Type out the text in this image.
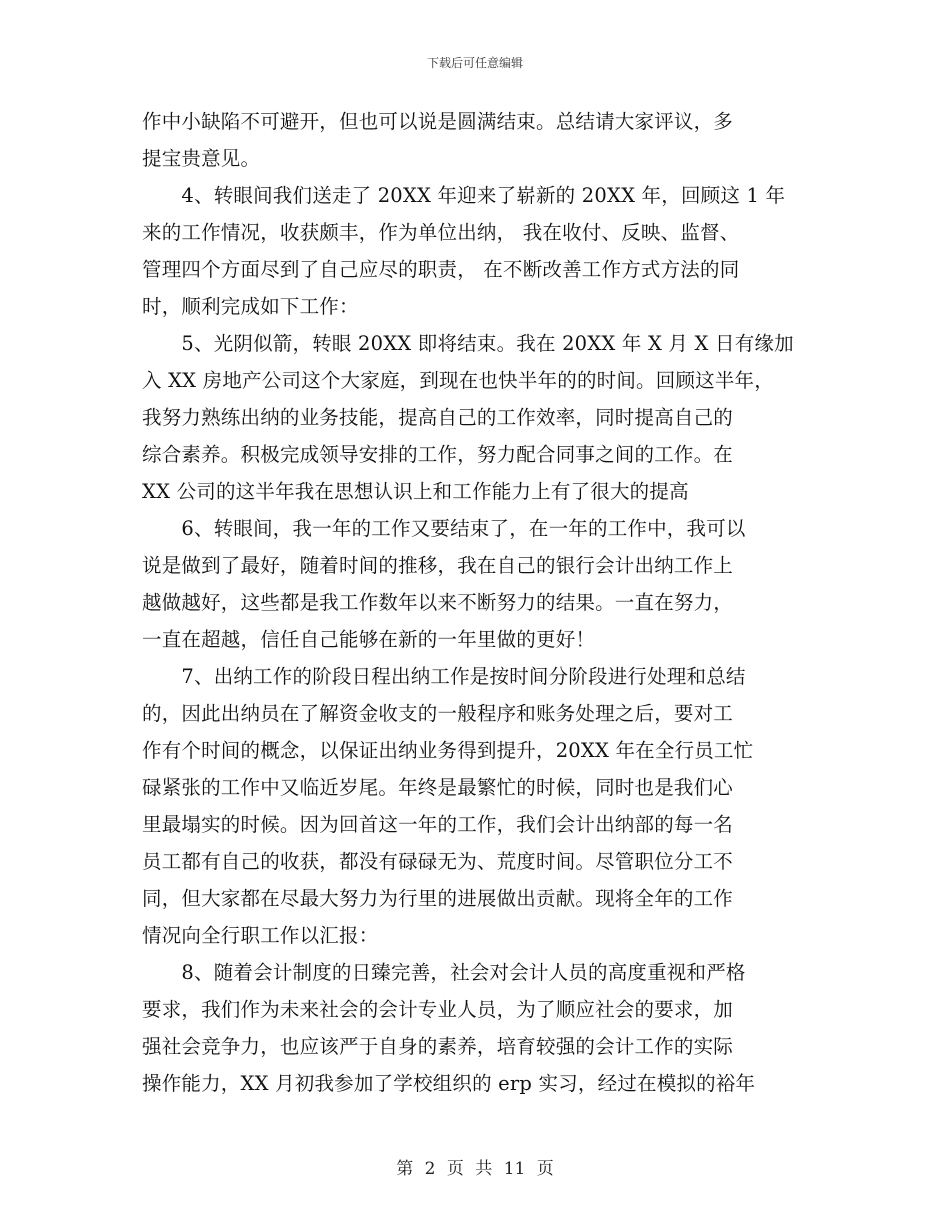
下载后可任意编辑
作中小缺陷不可避开，但也可以说是圆满结束。总结请大家评议，多
提宝贵意见。
　　4、转眼间我们送走了 20XX 年迎来了崭新的 20XX 年，回顾这 1 年
来的工作情况，收获颇丰，作为单位出纳， 我在收付、反映、监督、
管理四个方面尽到了自己应尽的职责， 在不断改善工作方式方法的同
时，顺利完成如下工作：
　　5、光阴似箭，转眼 20XX 即将结束。我在 20XX 年 X 月 X 日有缘加
入 XX 房地产公司这个大家庭，到现在也快半年的的时间。回顾这半年，
我努力熟练出纳的业务技能，提高自己的工作效率，同时提高自己的
综合素养。积极完成领导安排的工作，努力配合同事之间的工作。在
XX 公司的这半年我在思想认识上和工作能力上有了很大的提高
　　6、转眼间，我一年的工作又要结束了，在一年的工作中，我可以
说是做到了最好，随着时间的推移，我在自己的银行会计出纳工作上
越做越好，这些都是我工作数年以来不断努力的结果。一直在努力，
一直在超越，信任自己能够在新的一年里做的更好！
　　7、出纳工作的阶段日程出纳工作是按时间分阶段进行处理和总结
的，因此出纳员在了解资金收支的一般程序和账务处理之后，要对工
作有个时间的概念，以保证出纳业务得到提升，20XX 年在全行员工忙
碌紧张的工作中又临近岁尾。年终是最繁忙的时候，同时也是我们心
里最塌实的时候。因为回首这一年的工作，我们会计出纳部的每一名
员工都有自己的收获，都没有碌碌无为、荒度时间。尽管职位分工不
同，但大家都在尽最大努力为行里的进展做出贡献。现将全年的工作
情况向全行职工作以汇报：
　　8、随着会计制度的日臻完善，社会对会计人员的高度重视和严格
要求，我们作为未来社会的会计专业人员，为了顺应社会的要求，加
强社会竞争力，也应该严于自身的素养，培育较强的会计工作的实际
操作能力，XX 月初我参加了学校组织的 erp 实习，经过在模拟的裕年
第 2 页 共 11 页
